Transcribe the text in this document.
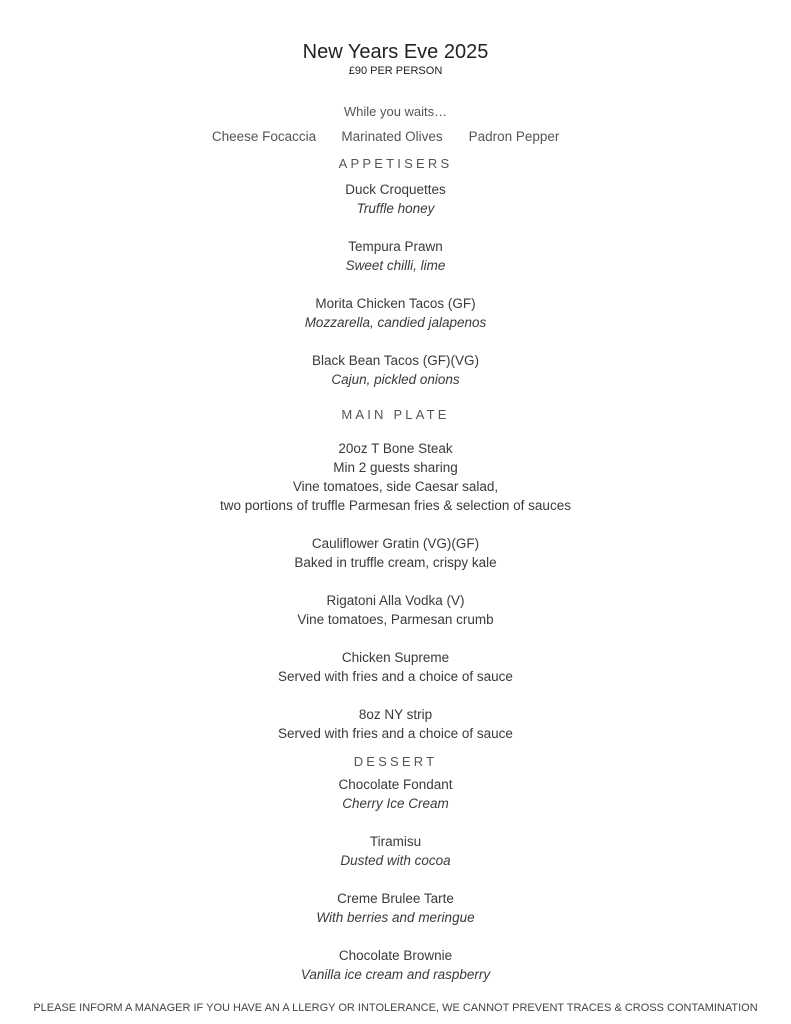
New Years Eve 2025
£90 PER PERSON
While you waits…
Cheese Focaccia Marinated Olives Padron Pepper
APPETISERS
Duck Croquettes
Truffle honey
Tempura Prawn
Sweet chilli, lime
Morita Chicken Tacos (GF)
Mozzarella, candied jalapenos
Black Bean Tacos (GF)(VG)
Cajun, pickled onions
MAIN PLATE
20oz T Bone Steak
Min 2 guests sharing
Vine tomatoes, side Caesar salad,
two portions of truffle Parmesan fries & selection of sauces
Cauliflower Gratin (VG)(GF)
Baked in truffle cream, crispy kale
Rigatoni Alla Vodka (V)
Vine tomatoes, Parmesan crumb
Chicken Supreme
Served with fries and a choice of sauce
8oz NY strip
Served with fries and a choice of sauce
DESSERT
Chocolate Fondant
Cherry Ice Cream
Tiramisu
Dusted with cocoa
Creme Brulee Tarte
With berries and meringue
Chocolate Brownie
Vanilla ice cream and raspberry
PLEASE INFORM A MANAGER IF YOU HAVE AN A LLERGY OR INTOLERANCE, WE CANNOT PREVENT TRACES & CROSS CONTAMINATION
